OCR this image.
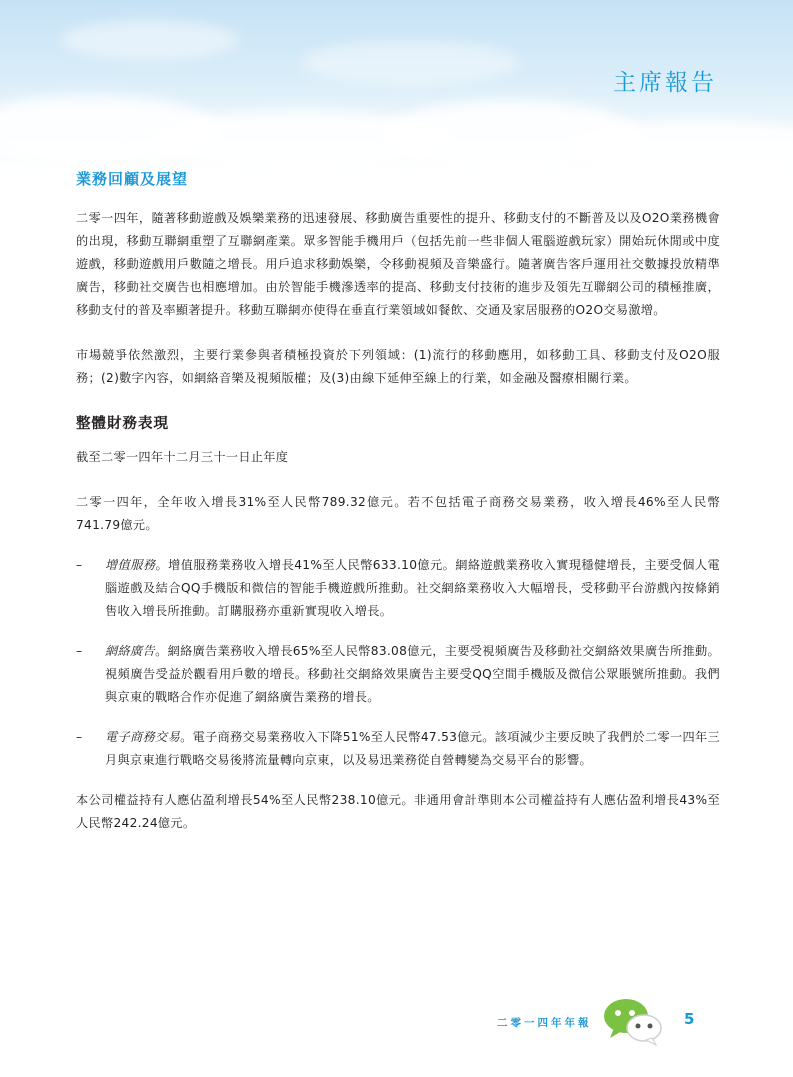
主席報告
業務回顧及展望

二零一四年，隨著移動遊戲及娛樂業務的迅速發展、移動廣告重要性的提升、移動支付的不斷普及以及O2O業務機會的出現，移動互聯網重塑了互聯網產業。眾多智能手機用戶（包括先前一些非個人電腦遊戲玩家）開始玩休閒或中度遊戲，移動遊戲用戶數隨之增長。用戶追求移動娛樂，令移動視頻及音樂盛行。隨著廣告客戶運用社交數據投放精準廣告，移動社交廣告也相應增加。由於智能手機滲透率的提高、移動支付技術的進步及領先互聯網公司的積極推廣，移動支付的普及率顯著提升。移動互聯網亦使得在垂直行業領域如餐飲、交通及家居服務的O2O交易激增。

市場競爭依然激烈，主要行業參與者積極投資於下列領域：(1)流行的移動應用，如移動工具、移動支付及O2O服務；(2)數字內容，如網絡音樂及視頻版權；及(3)由線下延伸至線上的行業，如金融及醫療相關行業。

整體財務表現

截至二零一四年十二月三十一日止年度

二零一四年，全年收入增長31%至人民幣789.32億元。若不包括電子商務交易業務，收入增長46%至人民幣741.79億元。

–	增值服務。增值服務業務收入增長41%至人民幣633.10億元。網絡遊戲業務收入實現穩健增長，主要受個人電腦遊戲及結合QQ手機版和微信的智能手機遊戲所推動。社交網絡業務收入大幅增長，受移動平台游戲內按條銷售收入增長所推動。訂購服務亦重新實現收入增長。

–	網絡廣告。網絡廣告業務收入增長65%至人民幣83.08億元，主要受視頻廣告及移動社交網絡效果廣告所推動。視頻廣告受益於觀看用戶數的增長。移動社交網絡效果廣告主要受QQ空間手機版及微信公眾賬號所推動。我們與京東的戰略合作亦促進了網絡廣告業務的增長。

–	電子商務交易。電子商務交易業務收入下降51%至人民幣47.53億元。該項減少主要反映了我們於二零一四年三月與京東進行戰略交易後將流量轉向京東，以及易迅業務從自營轉變為交易平台的影響。

本公司權益持有人應佔盈利增長54%至人民幣238.10億元。非通用會計準則本公司權益持有人應佔盈利增長43%至人民幣242.24億元。

二零一四年年報	5
